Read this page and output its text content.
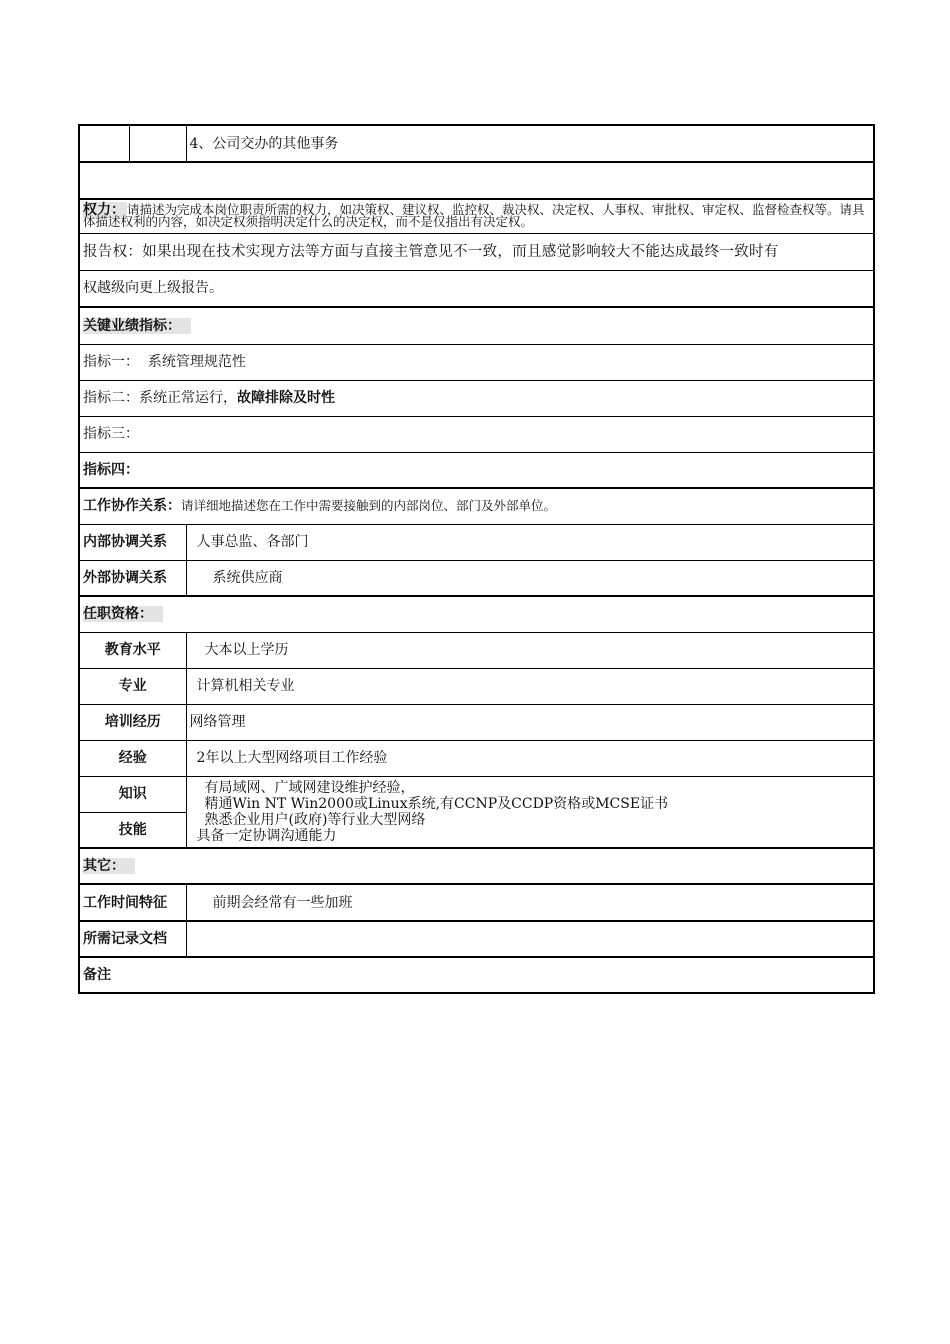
		4、公司交办的其他事务

权力： 请描述为完成本岗位职责所需的权力，如决策权、建议权、监控权、裁决权、决定权、人事权、审批权、审定权、监督检查权等。请具体描述权利的内容，如决定权须指明决定什么的决定权，而不是仅指出有决定权。		
报告权：如果出现在技术实现方法等方面与直接主管意见不一致，而且感觉影响较大不能达成最终一致时有		
权越级向更上级报告。		
关键业绩指标：		
指标一：  系统管理规范性		
指标二：系统正常运行，故障排除及时性		
指标三：		
指标四：		
工作协作关系：请详细地描述您在工作中需要接触到的内部岗位、部门及外部单位。		
内部协调关系		人事总监、各部门
外部协调关系		系统供应商
任职资格：		
教育水平		大本以上学历
专业		计算机相关专业
培训经历		网络管理
经验		2年以上大型网络项目工作经验
知识		有局域网、广域网建设维护经验，
精通Win NT Win2000或Linux系统,有CCNP及CCDP资格或MCSE证书
熟悉企业用户(政府)等行业大型网络
具备一定协调沟通能力

技能		
其它：		
工作时间特征		前期会经常有一些加班
所需记录文档		
备注		
